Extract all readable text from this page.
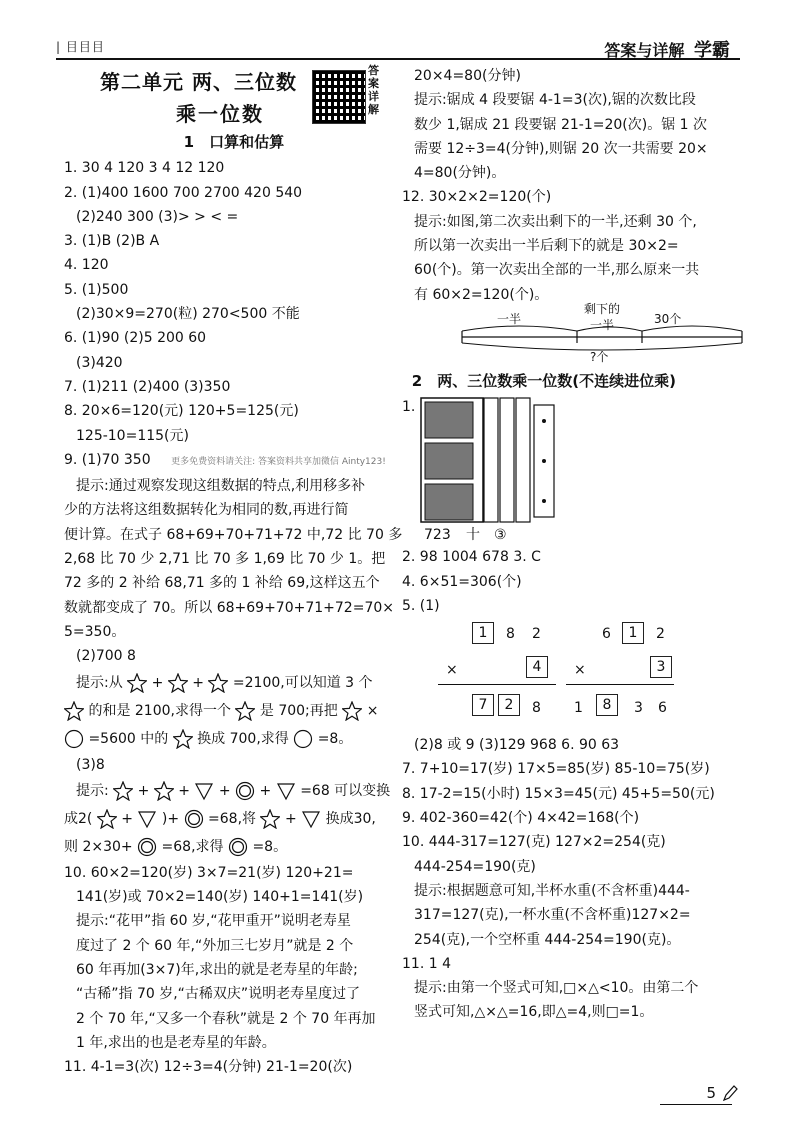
| 目目目	答案与详解 学霸
第二单元 两、三位数
乘一位数
答案详解
1 口算和估算
1. 30 4 120 3 4 12 120
2. (1)400 1600 700 2700 420 540
(2)240 300 (3)> > < =
3. (1)B (2)B A
4. 120
5. (1)500
(2)30×9=270(粒) 270<500 不能
6. (1)90 (2)5 200 60
(3)420
7. (1)211 (2)400 (3)350
8. 20×6=120(元) 120+5=125(元)
125-10=115(元)
9. (1)70 350 更多免费资料请关注: 答案资料共享加微信 Ainty123!
提示:通过观察发现这组数据的特点,利用移多补
少的方法将这组数据转化为相同的数,再进行简
便计算。在式子 68+69+70+71+72 中,72 比 70 多
2,68 比 70 少 2,71 比 70 多 1,69 比 70 少 1。把
72 多的 2 补给 68,71 多的 1 补给 69,这样这五个
数就都变成了 70。所以 68+69+70+71+72=70×
5=350。
(2)700 8
提示:从 + + =2100,可以知道 3 个
的和是 2100,求得一个 是 700;再把 ×
=5600 中的 换成 700,求得 =8。
(3)8
提示: + + + + =68 可以变换
成2( + )+ =68,将 + 换成30,
则 2×30+ =68,求得 =8。
10. 60×2=120(岁) 3×7=21(岁) 120+21=
141(岁)或 70×2=140(岁) 140+1=141(岁)
提示:“花甲”指 60 岁,“花甲重开”说明老寿星
度过了 2 个 60 年,“外加三七岁月”就是 2 个
60 年再加(3×7)年,求出的就是老寿星的年龄;
“古稀”指 70 岁,“古稀双庆”说明老寿星度过了
2 个 70 年,“又多一个春秋”就是 2 个 70 年再加
1 年,求出的也是老寿星的年龄。
11. 4-1=3(次) 12÷3=4(分钟) 21-1=20(次)
20×4=80(分钟)
提示:锯成 4 段要锯 4-1=3(次),锯的次数比段
数少 1,锯成 21 段要锯 21-1=20(次)。锯 1 次
需要 12÷3=4(分钟),则锯 20 次一共需要 20×
4=80(分钟)。
12. 30×2×2=120(个)
提示:如图,第二次卖出剩下的一半,还剩 30 个,
所以第一次卖出一半后剩下的就是 30×2=
60(个)。第一次卖出全部的一半,那么原来一共
有 60×2=120(个)。
一半
剩下的
一半	30个
?个
2 两、三位数乘一位数(不连续进位乘)
1.
723 十 ③
2. 98 1004 678 3. C
4. 6×51=306(个)
5. (1)
1	8 2
×	4
7	2	8
6	1	2
×	3
1	8	3 6
(2)8 或 9 (3)129 968 6. 90 63
7. 7+10=17(岁) 17×5=85(岁) 85-10=75(岁)
8. 17-2=15(小时) 15×3=45(元) 45+5=50(元)
9. 402-360=42(个) 4×42=168(个)
10. 444-317=127(克) 127×2=254(克)
444-254=190(克)
提示:根据题意可知,半杯水重(不含杯重)444-
317=127(克),一杯水重(不含杯重)127×2=
254(克),一个空杯重 444-254=190(克)。
11. 1 4
提示:由第一个竖式可知,□×△<10。由第二个
竖式可知,△×△=16,即△=4,则□=1。
5
